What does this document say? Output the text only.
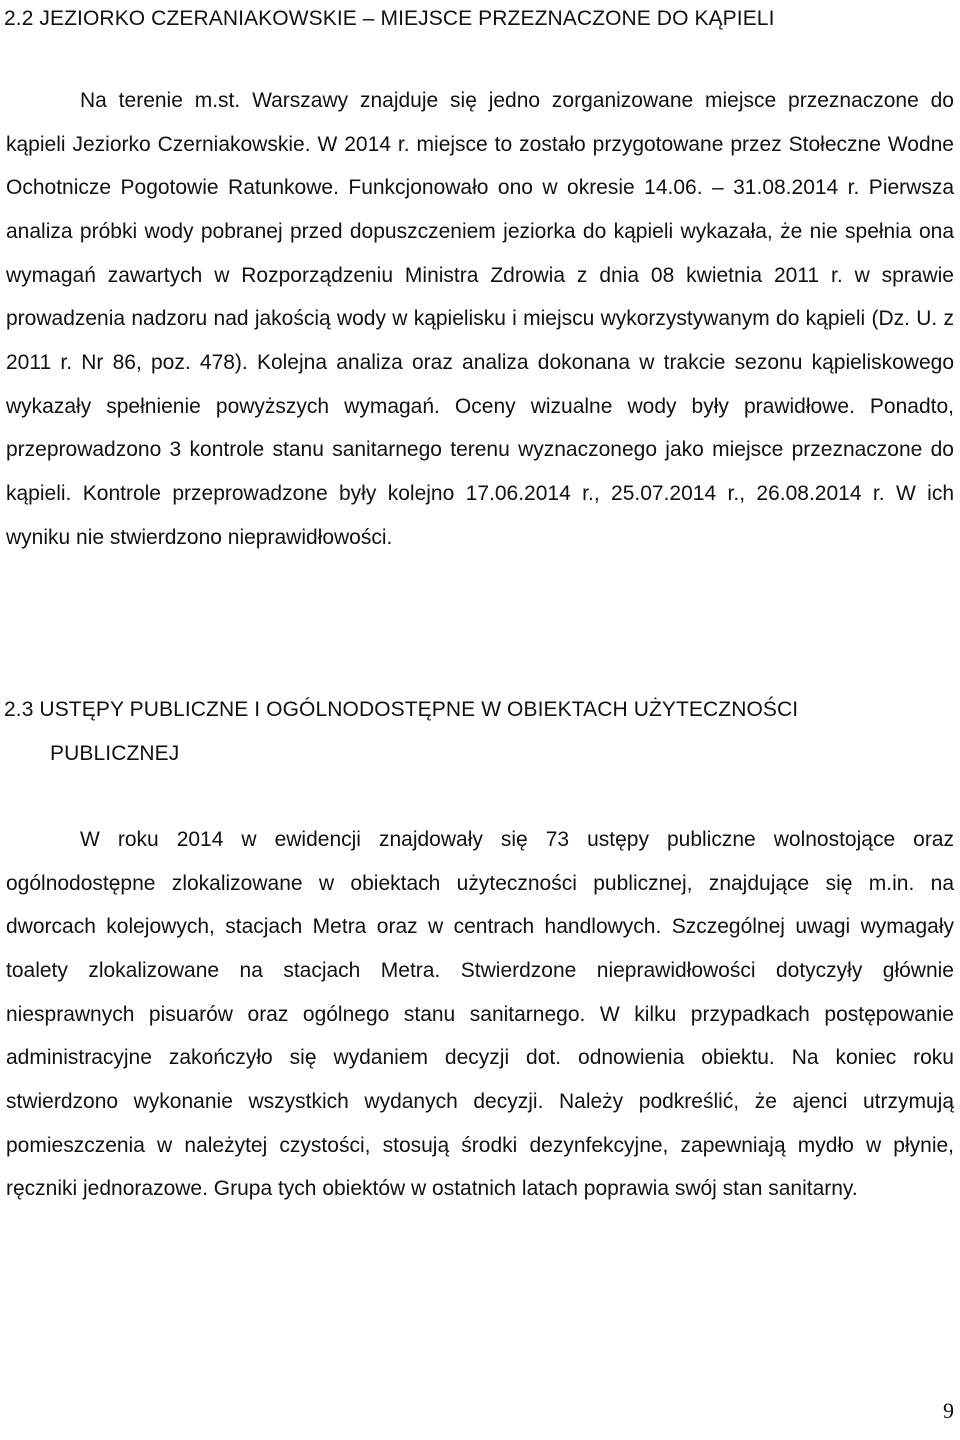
2.2 JEZIORKO CZERANIAKOWSKIE – MIEJSCE PRZEZNACZONE DO KĄPIELI

Na terenie m.st. Warszawy znajduje się jedno zorganizowane miejsce przeznaczone do kąpieli Jeziorko Czerniakowskie. W 2014 r. miejsce to zostało przygotowane przez Stołeczne Wodne Ochotnicze Pogotowie Ratunkowe. Funkcjonowało ono w okresie 14.06. – 31.08.2014 r. Pierwsza analiza próbki wody pobranej przed dopuszczeniem jeziorka do kąpieli wykazała, że nie spełnia ona wymagań zawartych w Rozporządzeniu Ministra Zdrowia z dnia 08 kwietnia 2011 r. w sprawie prowadzenia nadzoru nad jakością wody w kąpielisku i miejscu wykorzystywanym do kąpieli (Dz. U. z 2011 r. Nr 86, poz. 478). Kolejna analiza oraz analiza dokonana w trakcie sezonu kąpieliskowego wykazały spełnienie powyższych wymagań. Oceny wizualne wody były prawidłowe. Ponadto, przeprowadzono 3 kontrole stanu sanitarnego terenu wyznaczonego jako miejsce przeznaczone do kąpieli. Kontrole przeprowadzone były kolejno 17.06.2014 r., 25.07.2014 r., 26.08.2014 r. W ich wyniku nie stwierdzono nieprawidłowości.

2.3 USTĘPY PUBLICZNE I OGÓLNODOSTĘPNE W OBIEKTACH UŻYTECZNOŚCI
PUBLICZNEJ

W roku 2014 w ewidencji znajdowały się 73 ustępy publiczne wolnostojące oraz ogólnodostępne zlokalizowane w obiektach użyteczności publicznej, znajdujące się m.in. na dworcach kolejowych, stacjach Metra oraz w centrach handlowych. Szczególnej uwagi wymagały toalety zlokalizowane na stacjach Metra. Stwierdzone nieprawidłowości dotyczyły głównie niesprawnych pisuarów oraz ogólnego stanu sanitarnego. W kilku przypadkach postępowanie administracyjne zakończyło się wydaniem decyzji dot. odnowienia obiektu. Na koniec roku stwierdzono wykonanie wszystkich wydanych decyzji. Należy podkreślić, że ajenci utrzymują pomieszczenia w należytej czystości, stosują środki dezynfekcyjne, zapewniają mydło w płynie, ręczniki jednorazowe. Grupa tych obiektów w ostatnich latach poprawia swój stan sanitarny.

9
